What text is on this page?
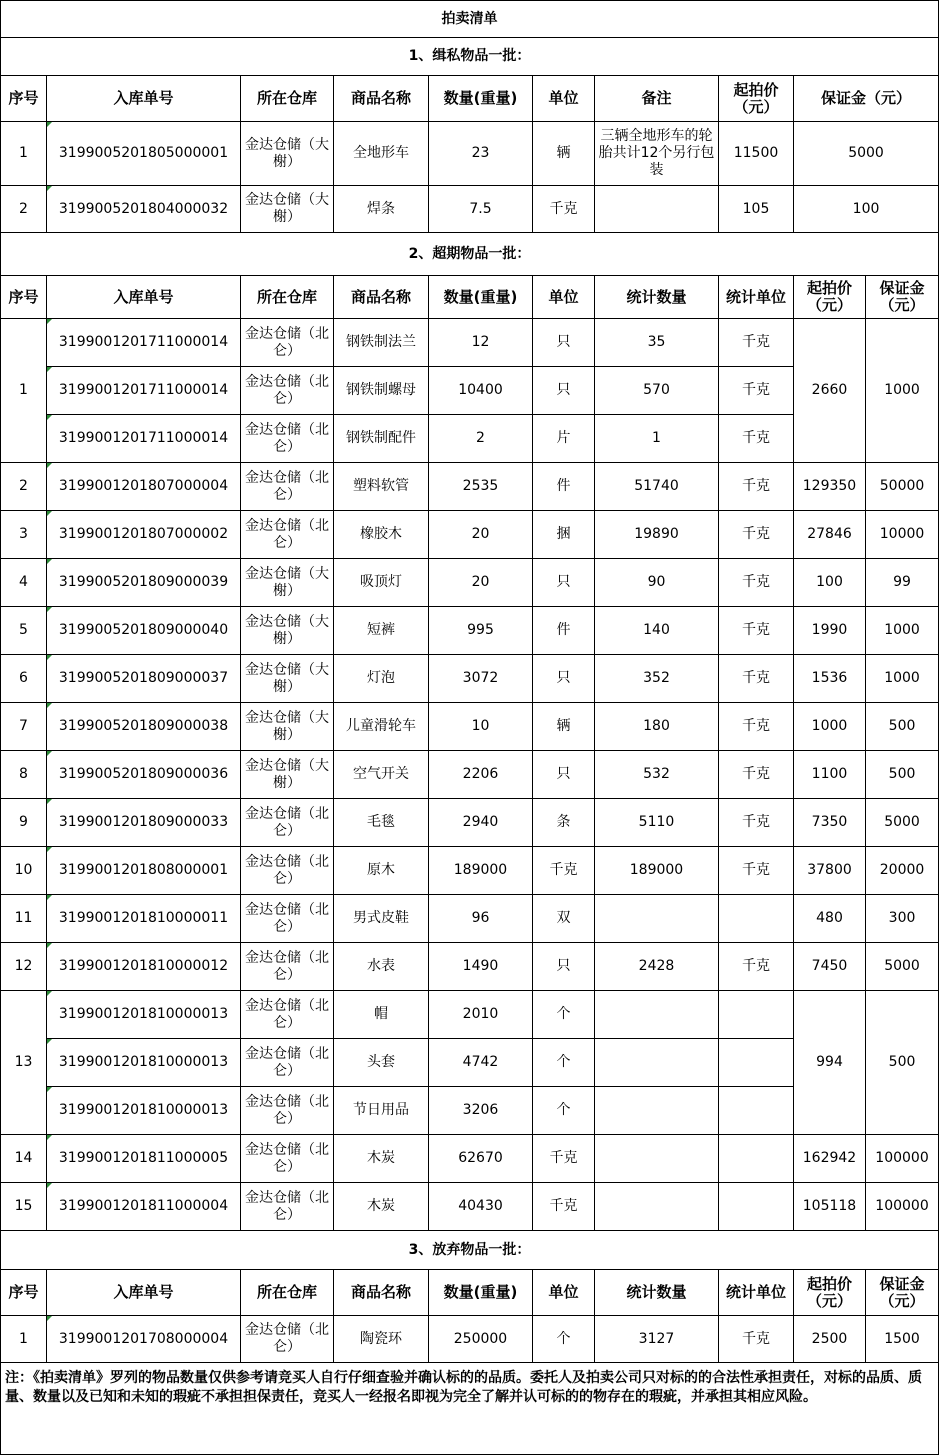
拍卖清单									
1、缉私物品一批：									
序号	入库单号	所在仓库	商品名称	数量(重量)	单位	备注	起拍价（元）	保证金（元）	
1	3199005201805000001	金达仓储（大榭）	全地形车	23	辆	三辆全地形车的轮胎共计12个另行包装	11500	5000	
2	3199005201804000032	金达仓储（大榭）	焊条	7.5	千克		105	100	
2、超期物品一批：									
序号	入库单号	所在仓库	商品名称	数量(重量)	单位	统计数量	统计单位	起拍价（元）	保证金（元）
1	3199001201711000014	金达仓储（北仑）	钢铁制法兰	12	只	35	千克	2660	1000
	3199001201711000014	金达仓储（北仑）	钢铁制螺母	10400	只	570	千克		
	3199001201711000014	金达仓储（北仑）	钢铁制配件	2	片	1	千克		
2	3199001201807000004	金达仓储（北仑）	塑料软管	2535	件	51740	千克	129350	50000
3	3199001201807000002	金达仓储（北仑）	橡胶木	20	捆	19890	千克	27846	10000
4	3199005201809000039	金达仓储（大榭）	吸顶灯	20	只	90	千克	100	99
5	3199005201809000040	金达仓储（大榭）	短裤	995	件	140	千克	1990	1000
6	3199005201809000037	金达仓储（大榭）	灯泡	3072	只	352	千克	1536	1000
7	3199005201809000038	金达仓储（大榭）	儿童滑轮车	10	辆	180	千克	1000	500
8	3199005201809000036	金达仓储（大榭）	空气开关	2206	只	532	千克	1100	500
9	3199001201809000033	金达仓储（北仑）	毛毯	2940	条	5110	千克	7350	5000
10	3199001201808000001	金达仓储（北仑）	原木	189000	千克	189000	千克	37800	20000
11	3199001201810000011	金达仓储（北仑）	男式皮鞋	96	双			480	300
12	3199001201810000012	金达仓储（北仑）	水表	1490	只	2428	千克	7450	5000
13	3199001201810000013	金达仓储（北仑）	帽	2010	个			994	500
	3199001201810000013	金达仓储（北仑）	头套	4742	个				
	3199001201810000013	金达仓储（北仑）	节日用品	3206	个				
14	3199001201811000005	金达仓储（北仑）	木炭	62670	千克			162942	100000
15	3199001201811000004	金达仓储（北仑）	木炭	40430	千克			105118	100000
3、放弃物品一批：									
序号	入库单号	所在仓库	商品名称	数量(重量)	单位	统计数量	统计单位	起拍价（元）	保证金（元）
1	3199001201708000004	金达仓储（北仑）	陶瓷环	250000	个	3127	千克	2500	1500
注：《拍卖清单》罗列的物品数量仅供参考请竞买人自行仔细查验并确认标的的品质。委托人及拍卖公司只对标的的合法性承担责任，对标的品质、质量、数量以及已知和未知的瑕疵不承担担保责任，竞买人一经报名即视为完全了解并认可标的的物存在的瑕疵，并承担其相应风险。									
